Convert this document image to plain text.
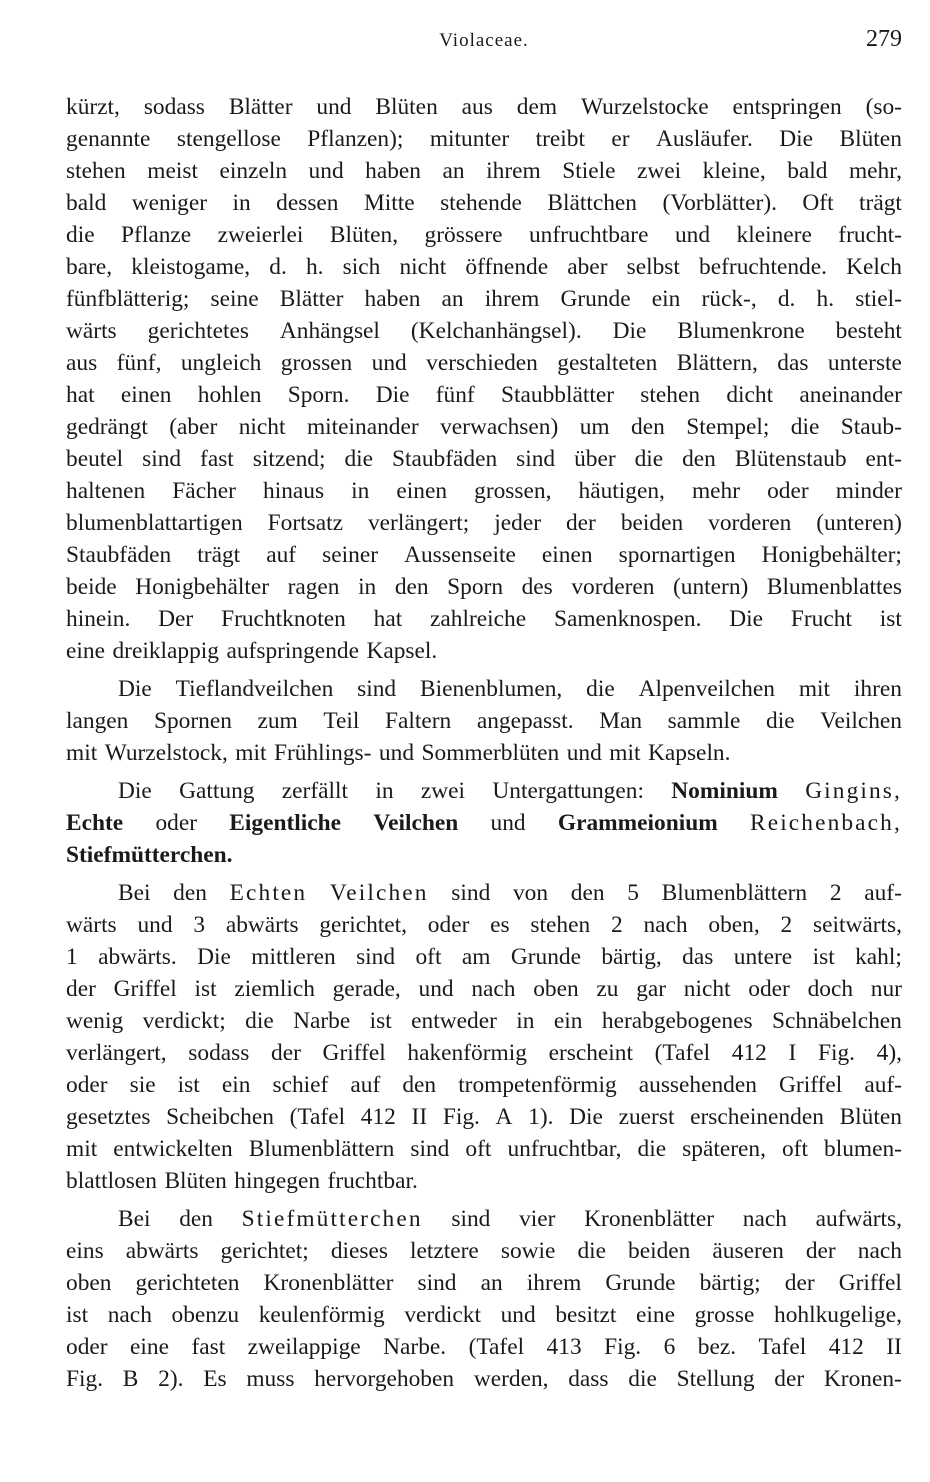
Violaceae.	279
kürzt, sodass Blätter und Blüten aus dem Wurzelstocke entspringen (so-
genannte stengellose Pflanzen); mitunter treibt er Ausläufer. Die Blüten
stehen meist einzeln und haben an ihrem Stiele zwei kleine, bald mehr,
bald weniger in dessen Mitte stehende Blättchen (Vorblätter). Oft trägt
die Pflanze zweierlei Blüten, grössere unfruchtbare und kleinere frucht-
bare, kleistogame, d. h. sich nicht öffnende aber selbst befruchtende. Kelch
fünfblätterig; seine Blätter haben an ihrem Grunde ein rück-, d. h. stiel-
wärts gerichtetes Anhängsel (Kelchanhängsel). Die Blumenkrone besteht
aus fünf, ungleich grossen und verschieden gestalteten Blättern, das unterste
hat einen hohlen Sporn. Die fünf Staubblätter stehen dicht aneinander
gedrängt (aber nicht miteinander verwachsen) um den Stempel; die Staub-
beutel sind fast sitzend; die Staubfäden sind über die den Blütenstaub ent-
haltenen Fächer hinaus in einen grossen, häutigen, mehr oder minder
blumenblattartigen Fortsatz verlängert; jeder der beiden vorderen (unteren)
Staubfäden trägt auf seiner Aussenseite einen spornartigen Honigbehälter;
beide Honigbehälter ragen in den Sporn des vorderen (untern) Blumenblattes
hinein. Der Fruchtknoten hat zahlreiche Samenknospen. Die Frucht ist
eine dreiklappig aufspringende Kapsel.
Die Tieflandveilchen sind Bienenblumen, die Alpenveilchen mit ihren
langen Spornen zum Teil Faltern angepasst. Man sammle die Veilchen
mit Wurzelstock, mit Frühlings- und Sommerblüten und mit Kapseln.
Die Gattung zerfällt in zwei Untergattungen: Nominium Gingins,
Echte oder Eigentliche Veilchen und Grammeionium Reichenbach,
Stiefmütterchen.
Bei den Echten Veilchen sind von den 5 Blumenblättern 2 auf-
wärts und 3 abwärts gerichtet, oder es stehen 2 nach oben, 2 seitwärts,
1 abwärts. Die mittleren sind oft am Grunde bärtig, das untere ist kahl;
der Griffel ist ziemlich gerade, und nach oben zu gar nicht oder doch nur
wenig verdickt; die Narbe ist entweder in ein herabgebogenes Schnäbelchen
verlängert, sodass der Griffel hakenförmig erscheint (Tafel 412 I Fig. 4),
oder sie ist ein schief auf den trompetenförmig aussehenden Griffel auf-
gesetztes Scheibchen (Tafel 412 II Fig. A 1). Die zuerst erscheinenden Blüten
mit entwickelten Blumenblättern sind oft unfruchtbar, die späteren, oft blumen-
blattlosen Blüten hingegen fruchtbar.
Bei den Stiefmütterchen sind vier Kronenblätter nach aufwärts,
eins abwärts gerichtet; dieses letztere sowie die beiden äuseren der nach
oben gerichteten Kronenblätter sind an ihrem Grunde bärtig; der Griffel
ist nach obenzu keulenförmig verdickt und besitzt eine grosse hohlkugelige,
oder eine fast zweilappige Narbe. (Tafel 413 Fig. 6 bez. Tafel 412 II
Fig. B 2). Es muss hervorgehoben werden, dass die Stellung der Kronen-
